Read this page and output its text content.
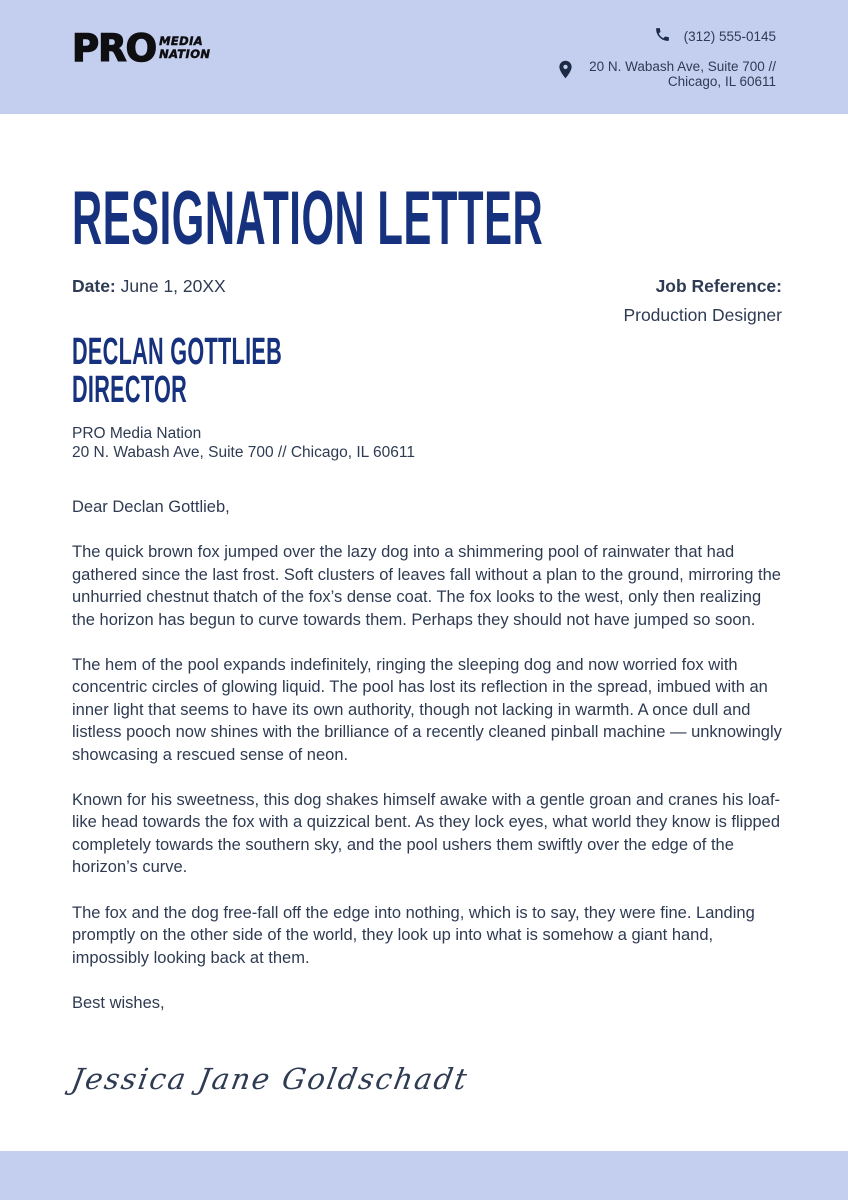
PRO MEDIA
NATION
(312) 555-0145
20 N. Wabash Ave, Suite 700 //
Chicago, IL 60611
RESIGNATION LETTER
Date: June 1, 20XX	Job Reference:
Production Designer
DECLAN GOTTLIEB
DIRECTOR
PRO Media Nation
20 N. Wabash Ave, Suite 700 // Chicago, IL 60611

Dear Declan Gottlieb,

The quick brown fox jumped over the lazy dog into a shimmering pool of rainwater that had gathered since the last frost. Soft clusters of leaves fall without a plan to the ground, mirroring the unhurried chestnut thatch of the fox’s dense coat. The fox looks to the west, only then realizing the horizon has begun to curve towards them. Perhaps they should not have jumped so soon.

The hem of the pool expands indefinitely, ringing the sleeping dog and now worried fox with concentric circles of glowing liquid. The pool has lost its reflection in the spread, imbued with an inner light that seems to have its own authority, though not lacking in warmth. A once dull and listless pooch now shines with the brilliance of a recently cleaned pinball machine — unknowingly showcasing a rescued sense of neon.

Known for his sweetness, this dog shakes himself awake with a gentle groan and cranes his loaf-like head towards the fox with a quizzical bent. As they lock eyes, what world they know is flipped completely towards the southern sky, and the pool ushers them swiftly over the edge of the horizon’s curve.

The fox and the dog free-fall off the edge into nothing, which is to say, they were fine. Landing promptly on the other side of the world, they look up into what is somehow a giant hand, impossibly looking back at them.

Best wishes,

Jessica Jane Goldschadt
